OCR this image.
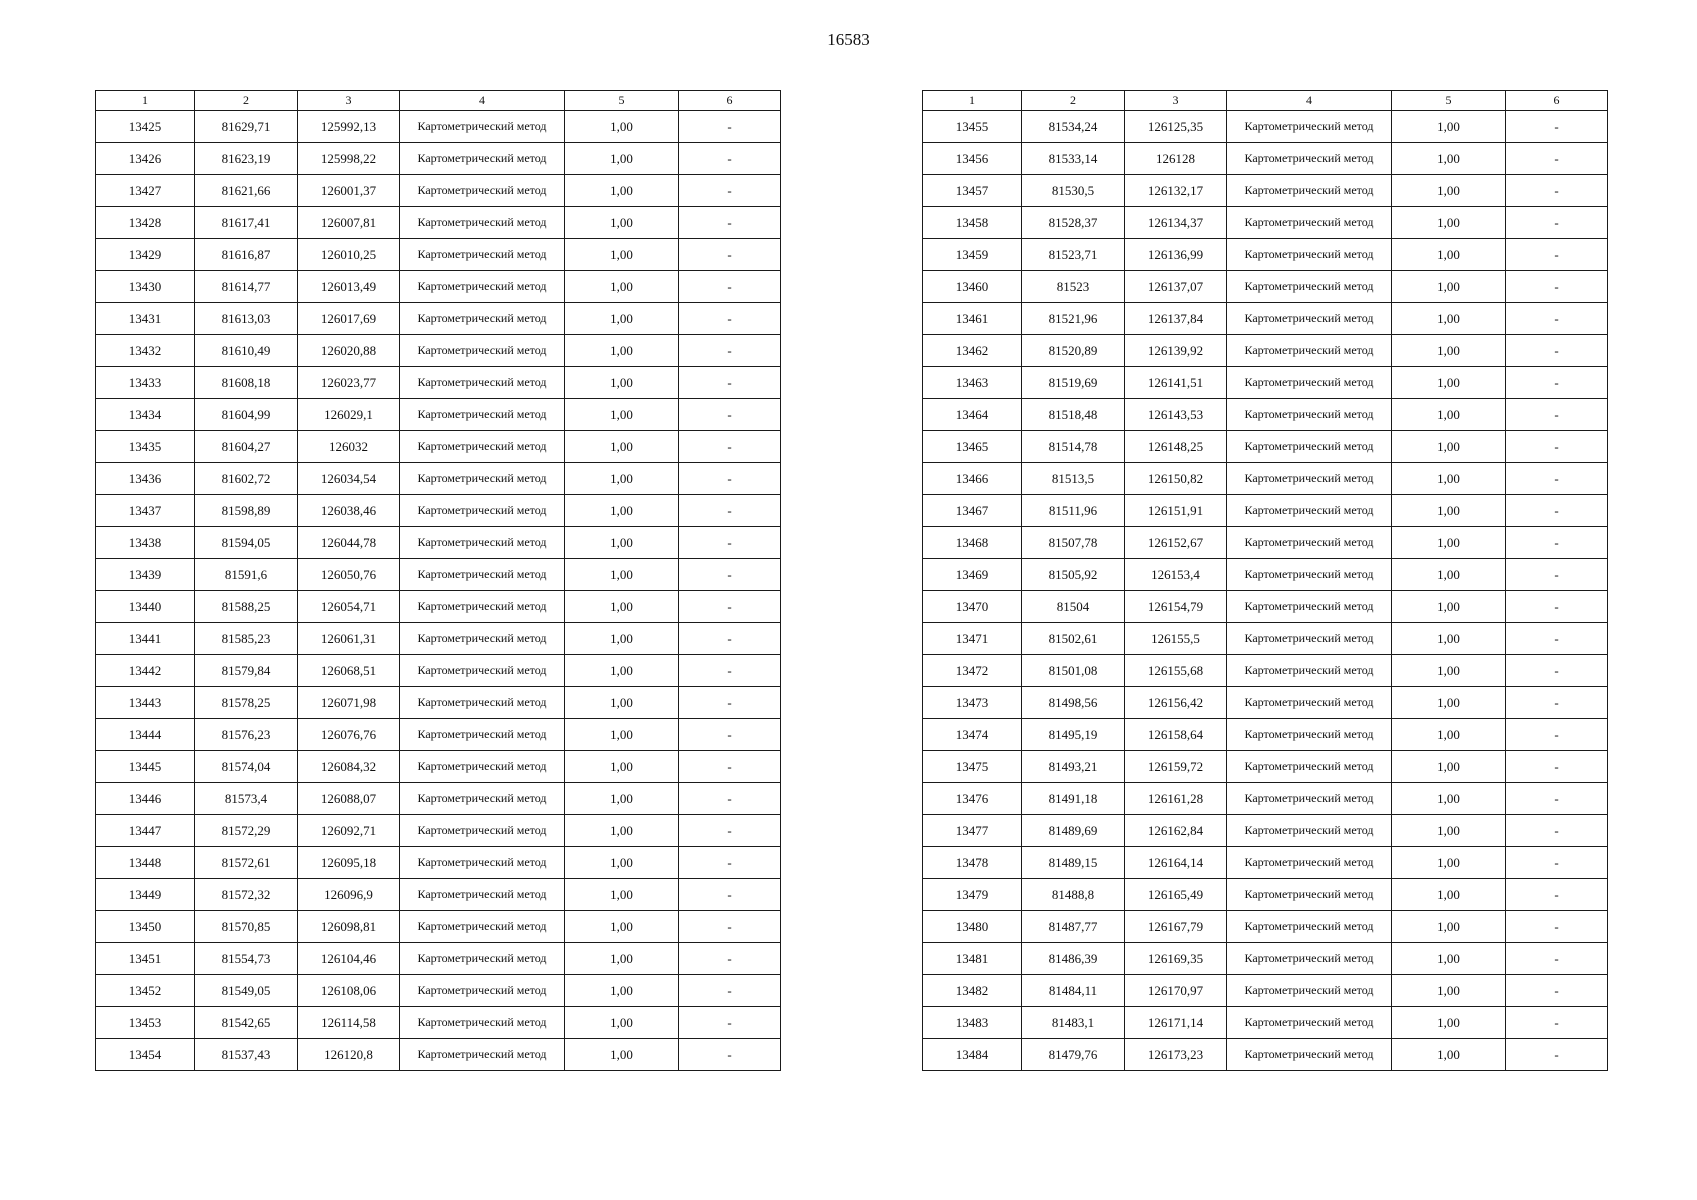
16583
1	2	3	4	5	6
13425	81629,71	125992,13	Картометрический метод	1,00	-
13426	81623,19	125998,22	Картометрический метод	1,00	-
13427	81621,66	126001,37	Картометрический метод	1,00	-
13428	81617,41	126007,81	Картометрический метод	1,00	-
13429	81616,87	126010,25	Картометрический метод	1,00	-
13430	81614,77	126013,49	Картометрический метод	1,00	-
13431	81613,03	126017,69	Картометрический метод	1,00	-
13432	81610,49	126020,88	Картометрический метод	1,00	-
13433	81608,18	126023,77	Картометрический метод	1,00	-
13434	81604,99	126029,1	Картометрический метод	1,00	-
13435	81604,27	126032	Картометрический метод	1,00	-
13436	81602,72	126034,54	Картометрический метод	1,00	-
13437	81598,89	126038,46	Картометрический метод	1,00	-
13438	81594,05	126044,78	Картометрический метод	1,00	-
13439	81591,6	126050,76	Картометрический метод	1,00	-
13440	81588,25	126054,71	Картометрический метод	1,00	-
13441	81585,23	126061,31	Картометрический метод	1,00	-
13442	81579,84	126068,51	Картометрический метод	1,00	-
13443	81578,25	126071,98	Картометрический метод	1,00	-
13444	81576,23	126076,76	Картометрический метод	1,00	-
13445	81574,04	126084,32	Картометрический метод	1,00	-
13446	81573,4	126088,07	Картометрический метод	1,00	-
13447	81572,29	126092,71	Картометрический метод	1,00	-
13448	81572,61	126095,18	Картометрический метод	1,00	-
13449	81572,32	126096,9	Картометрический метод	1,00	-
13450	81570,85	126098,81	Картометрический метод	1,00	-
13451	81554,73	126104,46	Картометрический метод	1,00	-
13452	81549,05	126108,06	Картометрический метод	1,00	-
13453	81542,65	126114,58	Картометрический метод	1,00	-
13454	81537,43	126120,8	Картометрический метод	1,00	-
1	2	3	4	5	6
13455	81534,24	126125,35	Картометрический метод	1,00	-
13456	81533,14	126128	Картометрический метод	1,00	-
13457	81530,5	126132,17	Картометрический метод	1,00	-
13458	81528,37	126134,37	Картометрический метод	1,00	-
13459	81523,71	126136,99	Картометрический метод	1,00	-
13460	81523	126137,07	Картометрический метод	1,00	-
13461	81521,96	126137,84	Картометрический метод	1,00	-
13462	81520,89	126139,92	Картометрический метод	1,00	-
13463	81519,69	126141,51	Картометрический метод	1,00	-
13464	81518,48	126143,53	Картометрический метод	1,00	-
13465	81514,78	126148,25	Картометрический метод	1,00	-
13466	81513,5	126150,82	Картометрический метод	1,00	-
13467	81511,96	126151,91	Картометрический метод	1,00	-
13468	81507,78	126152,67	Картометрический метод	1,00	-
13469	81505,92	126153,4	Картометрический метод	1,00	-
13470	81504	126154,79	Картометрический метод	1,00	-
13471	81502,61	126155,5	Картометрический метод	1,00	-
13472	81501,08	126155,68	Картометрический метод	1,00	-
13473	81498,56	126156,42	Картометрический метод	1,00	-
13474	81495,19	126158,64	Картометрический метод	1,00	-
13475	81493,21	126159,72	Картометрический метод	1,00	-
13476	81491,18	126161,28	Картометрический метод	1,00	-
13477	81489,69	126162,84	Картометрический метод	1,00	-
13478	81489,15	126164,14	Картометрический метод	1,00	-
13479	81488,8	126165,49	Картометрический метод	1,00	-
13480	81487,77	126167,79	Картометрический метод	1,00	-
13481	81486,39	126169,35	Картометрический метод	1,00	-
13482	81484,11	126170,97	Картометрический метод	1,00	-
13483	81483,1	126171,14	Картометрический метод	1,00	-
13484	81479,76	126173,23	Картометрический метод	1,00	-
